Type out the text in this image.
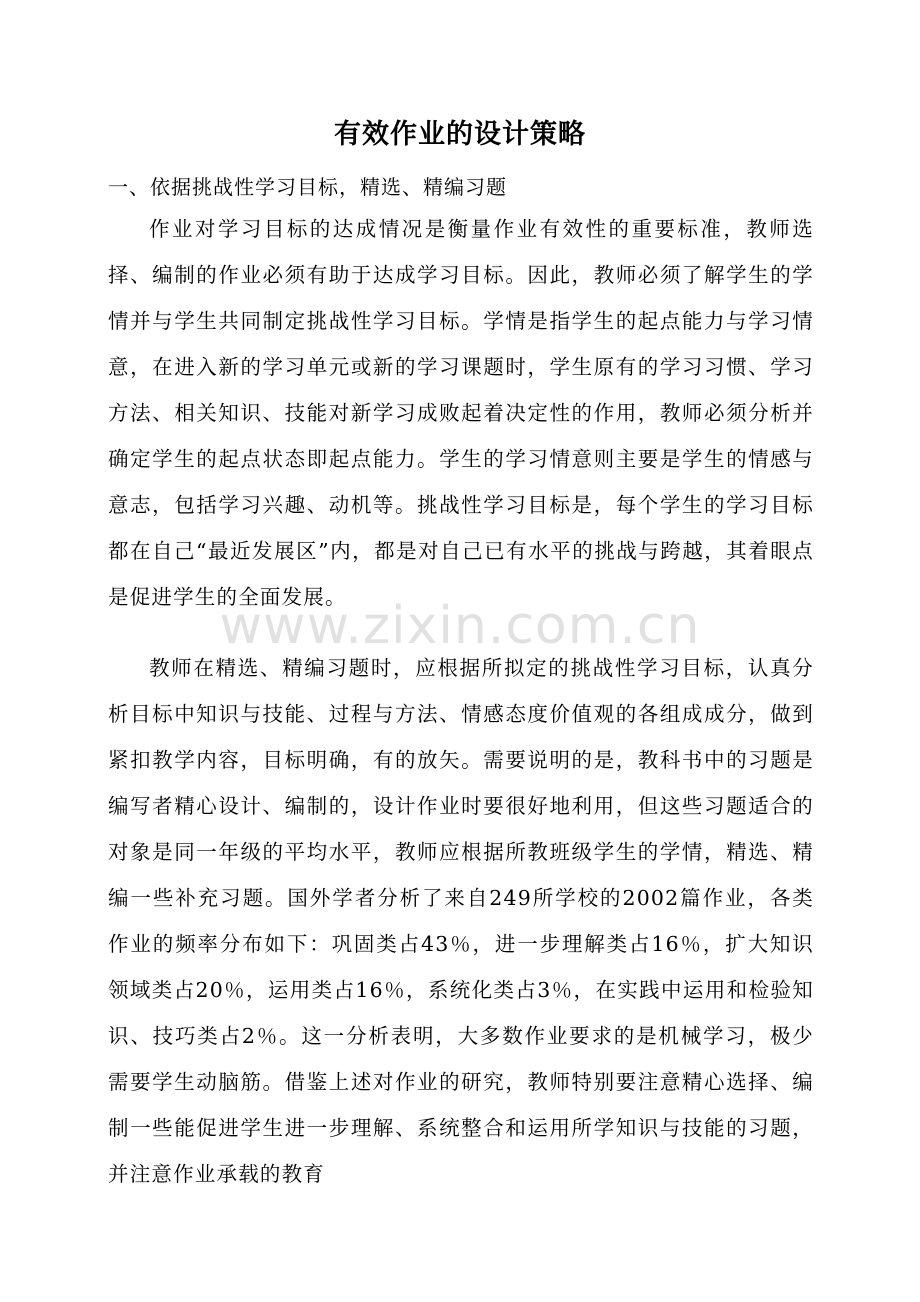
有效作业的设计策略

一、依据挑战性学习目标，精选、精编习题

作业对学习目标的达成情况是衡量作业有效性的重要标准，教师选择、编制的作业必须有助于达成学习目标。因此，教师必须了解学生的学情并与学生共同制定挑战性学习目标。学情是指学生的起点能力与学习情意，在进入新的学习单元或新的学习课题时，学生原有的学习习惯、学习方法、相关知识、技能对新学习成败起着决定性的作用，教师必须分析并确定学生的起点状态即起点能力。学生的学习情意则主要是学生的情感与意志，包括学习兴趣、动机等。挑战性学习目标是，每个学生的学习目标都在自己“最近发展区”内，都是对自己已有水平的挑战与跨越，其着眼点是促进学生的全面发展。

教师在精选、精编习题时，应根据所拟定的挑战性学习目标，认真分析目标中知识与技能、过程与方法、情感态度价值观的各组成成分，做到紧扣教学内容，目标明确，有的放矢。需要说明的是，教科书中的习题是编写者精心设计、编制的，设计作业时要很好地利用，但这些习题适合的对象是同一年级的平均水平，教师应根据所教班级学生的学情，精选、精编一些补充习题。国外学者分析了来自249所学校的2002篇作业，各类作业的频率分布如下：巩固类占43％，进一步理解类占16％，扩大知识领域类占20％，运用类占16％，系统化类占3％，在实践中运用和检验知识、技巧类占2％。这一分析表明，大多数作业要求的是机械学习，极少需要学生动脑筋。借鉴上述对作业的研究，教师特别要注意精心选择、编制一些能促进学生进一步理解、系统整合和运用所学知识与技能的习题，并注意作业承载的教育

www.zixin.com.cn
